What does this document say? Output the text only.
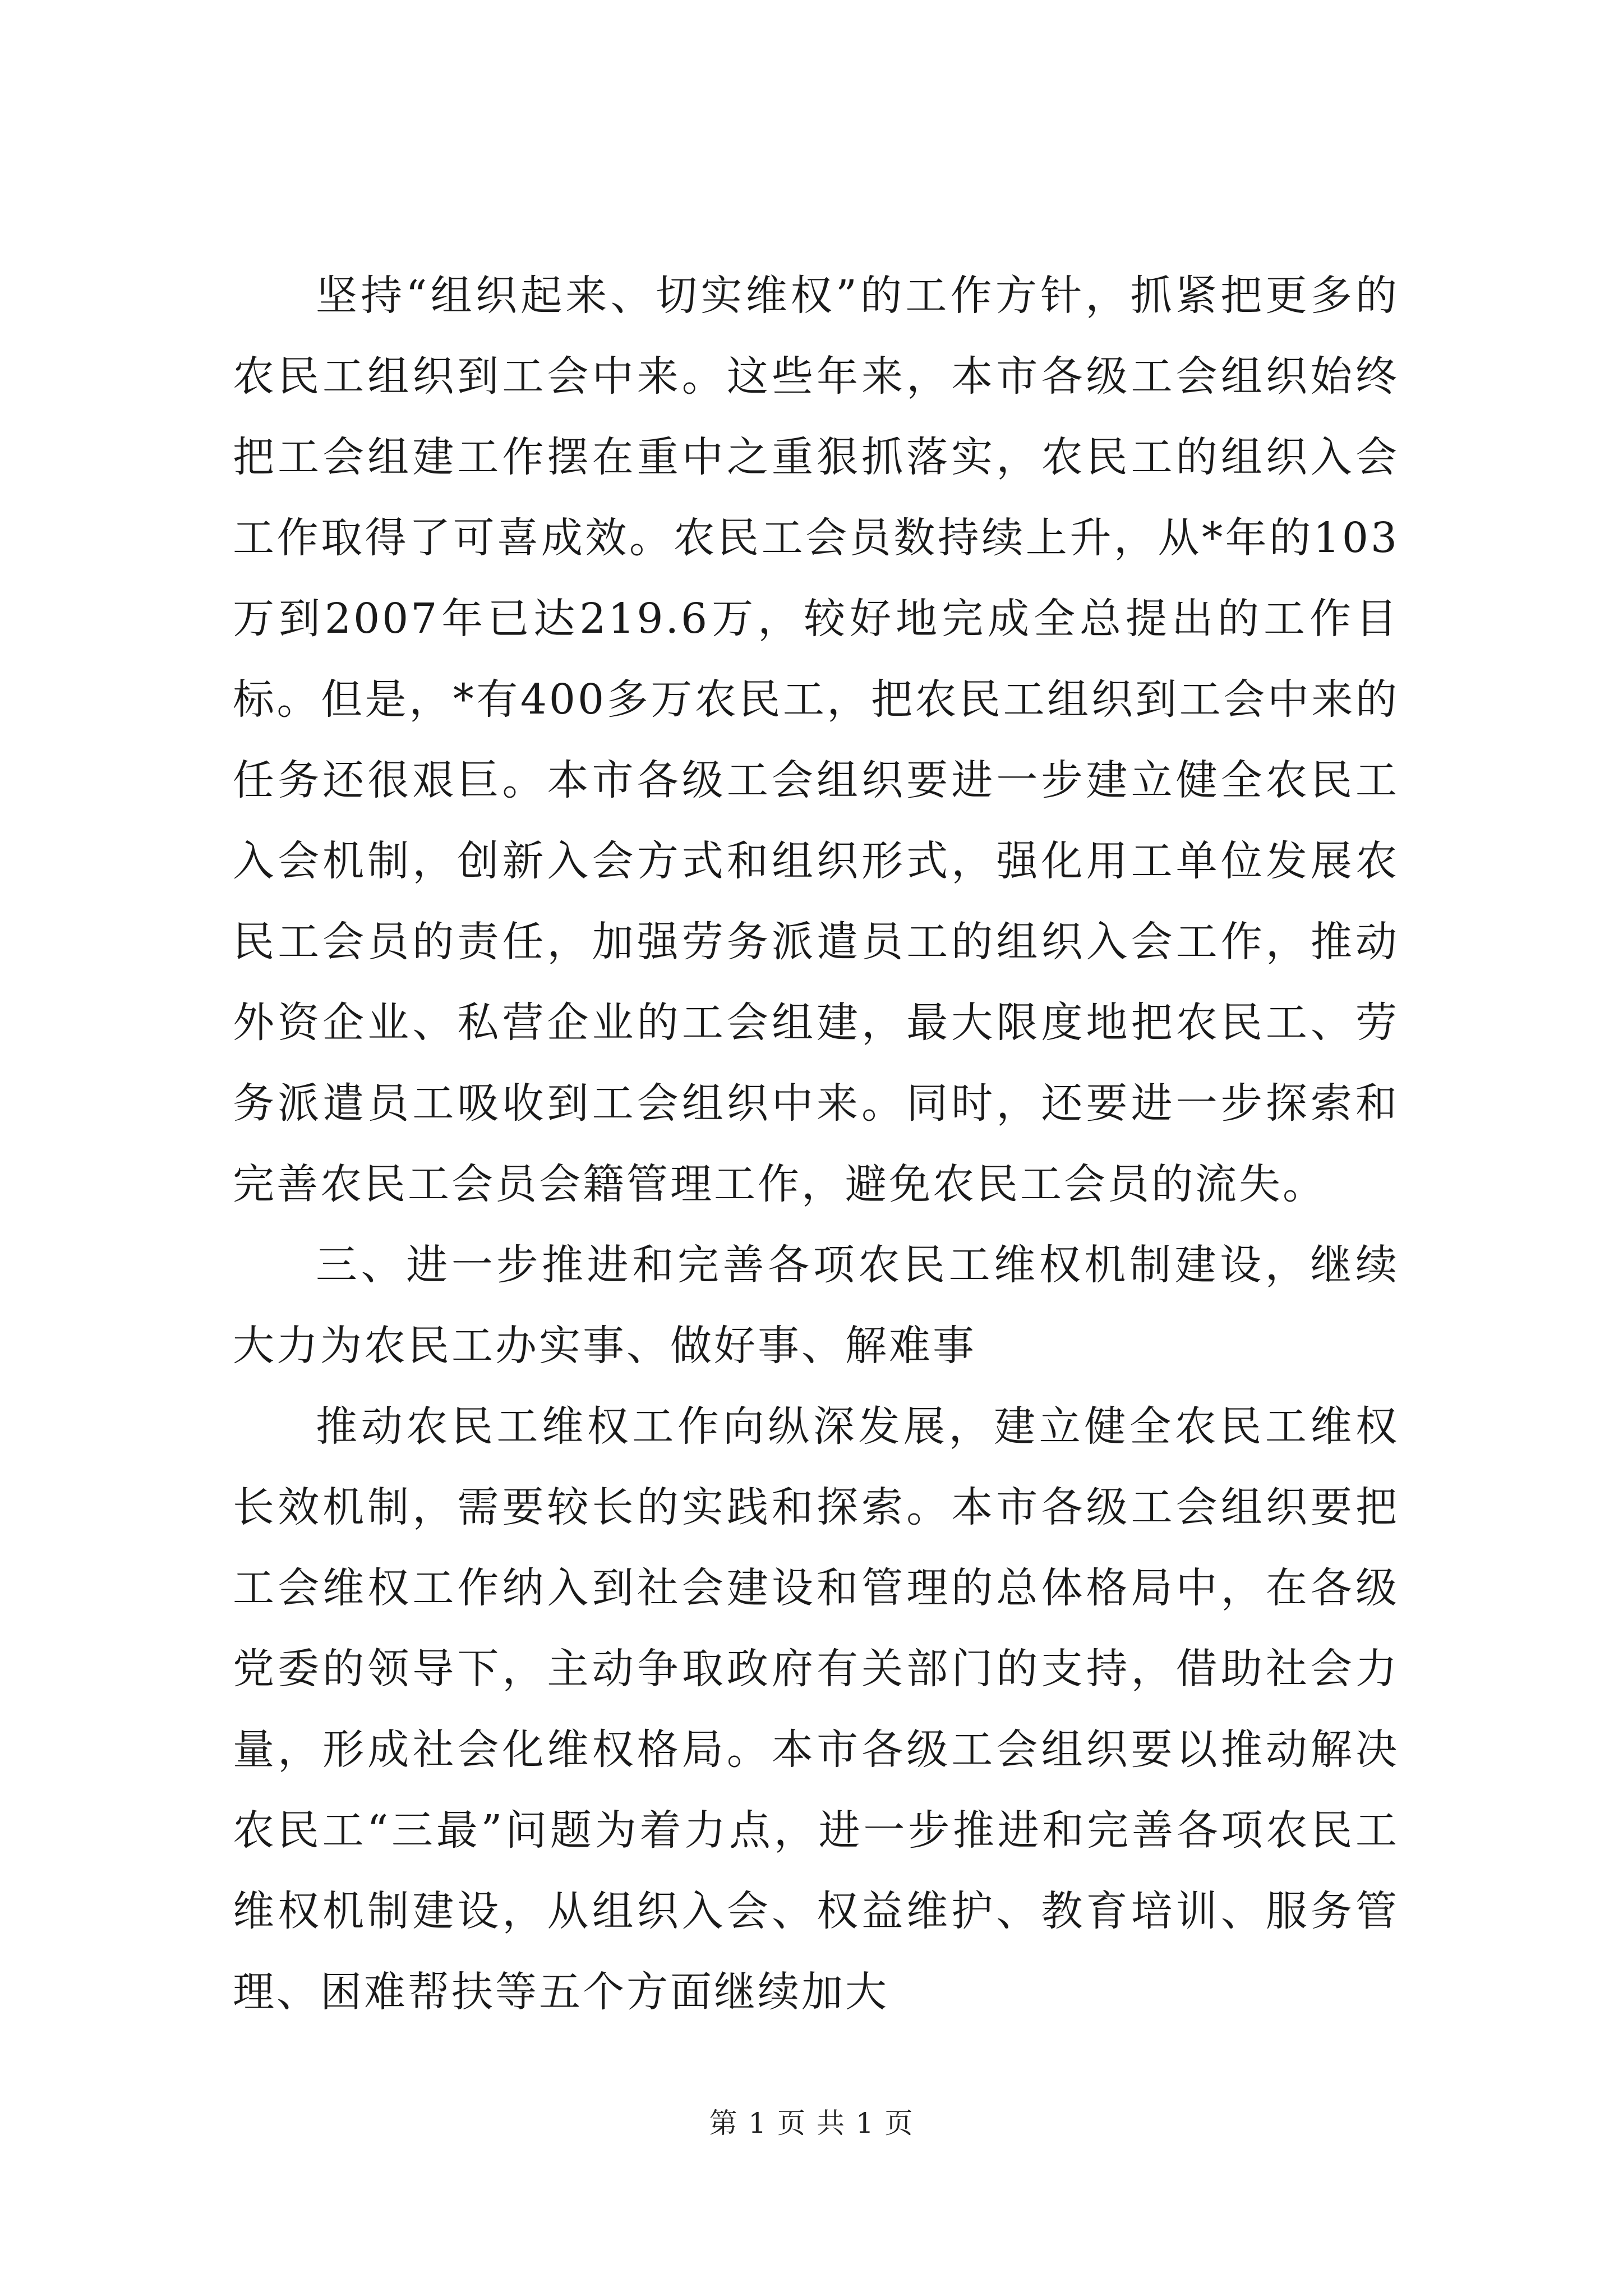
坚持“组织起来、切实维权”的工作方针，抓紧把更多的农民工组织到工会中来。这些年来，本市各级工会组织始终把工会组建工作摆在重中之重狠抓落实，农民工的组织入会工作取得了可喜成效。农民工会员数持续上升，从*年的103万到2007年已达219.6万，较好地完成全总提出的工作目标。但是，*有400多万农民工，把农民工组织到工会中来的任务还很艰巨。本市各级工会组织要进一步建立健全农民工入会机制，创新入会方式和组织形式，强化用工单位发展农民工会员的责任，加强劳务派遣员工的组织入会工作，推动外资企业、私营企业的工会组建，最大限度地把农民工、劳务派遣员工吸收到工会组织中来。同时，还要进一步探索和完善农民工会员会籍管理工作，避免农民工会员的流失。

三、进一步推进和完善各项农民工维权机制建设，继续大力为农民工办实事、做好事、解难事

推动农民工维权工作向纵深发展，建立健全农民工维权长效机制，需要较长的实践和探索。本市各级工会组织要把工会维权工作纳入到社会建设和管理的总体格局中，在各级党委的领导下，主动争取政府有关部门的支持，借助社会力量，形成社会化维权格局。本市各级工会组织要以推动解决农民工“三最”问题为着力点，进一步推进和完善各项农民工维权机制建设，从组织入会、权益维护、教育培训、服务管理、困难帮扶等五个方面继续加大

第 1 页 共 1 页
